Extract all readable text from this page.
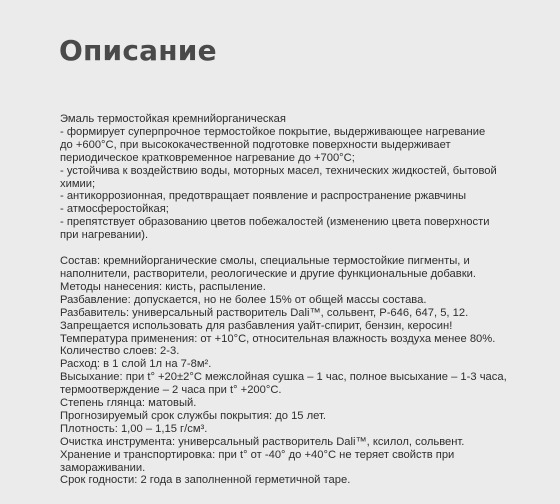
Описание
Эмаль термостойкая кремнийорганическая
- формирует суперпрочное термостойкое покрытие, выдерживающее нагревание
до +600°C, при высококачественной подготовке поверхности выдерживает
периодическое кратковременное нагревание до +700°C;
- устойчива к воздействию воды, моторных масел, технических жидкостей, бытовой
химии;
- антикоррозионная, предотвращает появление и распространение ржавчины
- атмосферостойкая;
- препятствует образованию цветов побежалостей (изменению цвета поверхности
при нагревании).
Состав: кремнийорганические смолы, специальные термостойкие пигменты, и
наполнители, растворители, реологические и другие функциональные добавки.
Методы нанесения: кисть, распыление.
Разбавление: допускается, но не более 15% от общей массы состава.
Разбавитель: универсальный растворитель Dali™, сольвент, Р-646, 647, 5, 12.
Запрещается использовать для разбавления уайт-спирит, бензин, керосин!
Температура применения: от +10°C, относительная влажность воздуха менее 80%.
Количество слоев: 2-3.
Расход: в 1 слой 1л на 7-8м².
Высыхание: при t° +20±2°C межслойная сушка – 1 час, полное высыхание – 1-3 часа,
термоотверждение – 2 часа при t° +200°C.
Степень глянца: матовый.
Прогнозируемый срок службы покрытия: до 15 лет.
Плотность: 1,00 – 1,15 г/см³.
Очистка инструмента: универсальный растворитель Dali™, ксилол, сольвент.
Хранение и транспортировка: при t° от -40° до +40°C не теряет свойств при
замораживании.
Срок годности: 2 года в заполненной герметичной таре.
